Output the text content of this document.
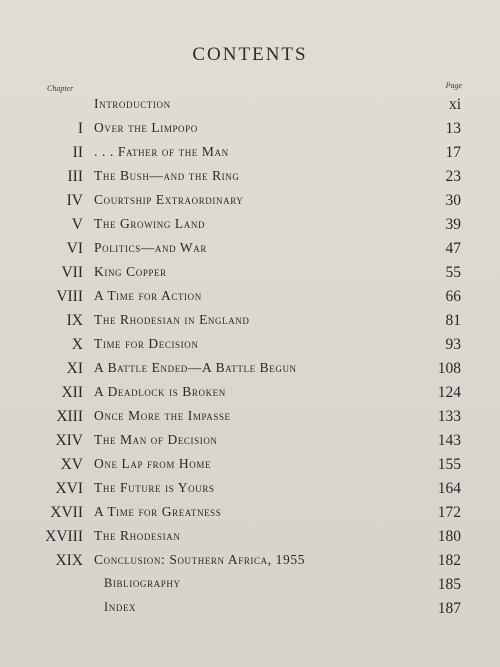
CONTENTS
Chapter	Page
Introduction	xi
I Over the Limpopo	13
II . . . Father of the Man	17
III The Bush—and the Ring	23
IV Courtship Extraordinary	30
V The Growing Land	39
VI Politics—and War	47
VII King Copper	55
VIII A Time for Action	66
IX The Rhodesian in England	81
X Time for Decision	93
XI A Battle Ended—A Battle Begun	108
XII A Deadlock is Broken	124
XIII Once More the Impasse	133
XIV The Man of Decision	143
XV One Lap from Home	155
XVI The Future is Yours	164
XVII A Time for Greatness	172
XVIII The Rhodesian	180
XIX Conclusion: Southern Africa, 1955	182
Bibliography	185
Index	187
